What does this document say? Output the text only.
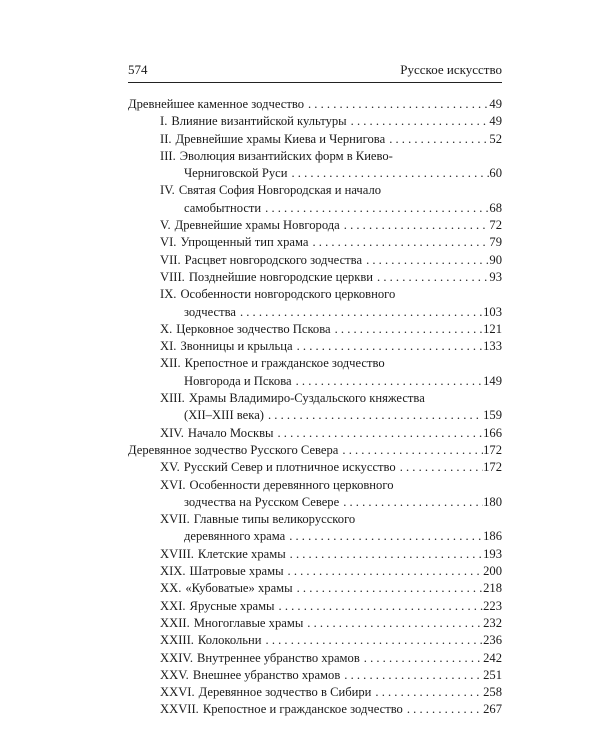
574	Русское искусство
Древнейшее каменное зодчество . . .	49
I. Влияние византийской культуры . . .	49
II. Древнейшие храмы Киева и Чернигова . . .	52
III. Эволюция византийских форм в Киево-
Черниговской Руси . . .	60
IV. Святая София Новгородская и начало
самобытности . . .	68
V. Древнейшие храмы Новгорода . . .	72
VI. Упрощенный тип храма . . .	79
VII. Расцвет новгородского зодчества . . .	90
VIII. Позднейшие новгородские церкви . . .	93
IX. Особенности новгородского церковного
зодчества . . .	103
X. Церковное зодчество Пскова . . .	121
XI. Звонницы и крыльца . . .	133
XII. Крепостное и гражданское зодчество
Новгорода и Пскова . . .	149
XIII. Храмы Владимиро-Суздальского княжества
(XII–XIII века) . . .	159
XIV. Начало Москвы . . .	166
Деревянное зодчество Русского Севера . . .	172
XV. Русский Север и плотничное искусство . . .	172
XVI. Особенности деревянного церковного
зодчества на Русском Севере . . .	180
XVII. Главные типы великорусского
деревянного храма . . .	186
XVIII. Клетские храмы . . .	193
XIX. Шатровые храмы . . .	200
XX. «Кубоватые» храмы . . .	218
XXI. Ярусные храмы . . .	223
XXII. Многоглавые храмы . . .	232
XXIII. Колокольни . . .	236
XXIV. Внутреннее убранство храмов . . .	242
XXV. Внешнее убранство храмов . . .	251
XXVI. Деревянное зодчество в Сибири . . .	258
XXVII. Крепостное и гражданское зодчество . . .	267
